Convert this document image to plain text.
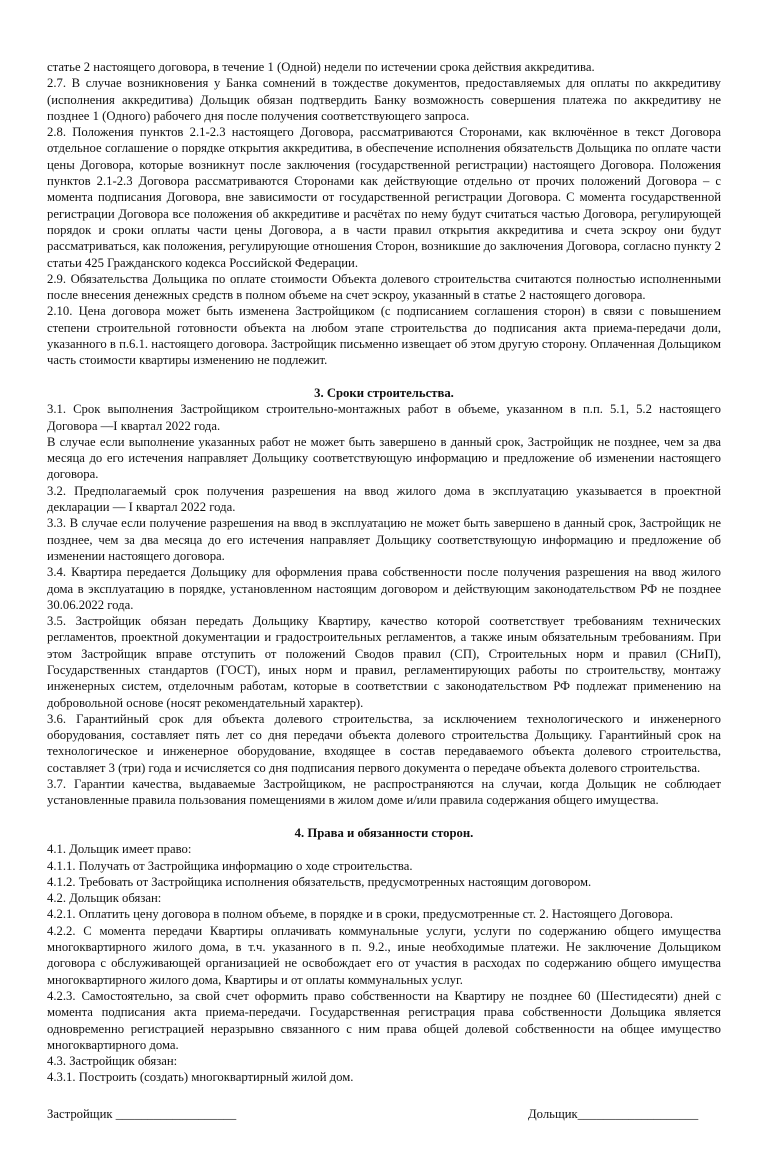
статье 2 настоящего договора, в течение 1 (Одной) недели по истечении срока действия аккредитива.

2.7. В случае возникновения у Банка сомнений в тождестве документов, предоставляемых для оплаты по аккредитиву (исполнения аккредитива) Дольщик обязан подтвердить Банку возможность совершения платежа по аккредитиву не позднее 1 (Одного) рабочего дня после получения соответствующего запроса.

2.8. Положения пунктов 2.1-2.3 настоящего Договора, рассматриваются Сторонами, как включённое в текст Договора отдельное соглашение о порядке открытия аккредитива, в обеспечение исполнения обязательств Дольщика по оплате части цены Договора, которые возникнут после заключения (государственной регистрации) настоящего Договора. Положения пунктов 2.1-2.3 Договора рассматриваются Сторонами как действующие отдельно от прочих положений Договора – с момента подписания Договора, вне зависимости от государственной регистрации Договора. С момента государственной регистрации Договора все положения об аккредитиве и расчётах по нему будут считаться частью Договора, регулирующей порядок и сроки оплаты части цены Договора, а в части правил открытия аккредитива и счета эскроу они будут рассматриваться, как положения, регулирующие отношения Сторон, возникшие до заключения Договора, согласно пункту 2 статьи 425 Гражданского кодекса Российской Федерации.

2.9. Обязательства Дольщика по оплате стоимости Объекта долевого строительства считаются полностью исполненными после внесения денежных средств в полном объеме на счет эскроу, указанный в статье 2 настоящего договора.

2.10. Цена договора может быть изменена Застройщиком (с подписанием соглашения сторон) в связи с повышением степени строительной готовности объекта на любом этапе строительства до подписания акта приема-передачи доли, указанного в п.6.1. настоящего договора. Застройщик письменно извещает об этом другую сторону. Оплаченная Дольщиком часть стоимости квартиры изменению не подлежит.

3. Сроки строительства.

3.1. Срок выполнения Застройщиком строительно-монтажных работ в объеме, указанном в п.п. 5.1, 5.2 настоящего Договора —I квартал 2022 года.

В случае если выполнение указанных работ не может быть завершено в данный срок, Застройщик не позднее, чем за два месяца до его истечения направляет Дольщику соответствующую информацию и предложение об изменении настоящего договора.

3.2. Предполагаемый срок получения разрешения на ввод жилого дома в эксплуатацию указывается в проектной декларации — I квартал 2022 года.

3.3. В случае если получение разрешения на ввод в эксплуатацию не может быть завершено в данный срок, Застройщик не позднее, чем за два месяца до его истечения направляет Дольщику соответствующую информацию и предложение об изменении настоящего договора.

3.4. Квартира передается Дольщику для оформления права собственности после получения разрешения на ввод жилого дома в эксплуатацию в порядке, установленном настоящим договором и действующим законодательством РФ не позднее 30.06.2022 года.

3.5. Застройщик обязан передать Дольщику Квартиру, качество которой соответствует требованиям технических регламентов, проектной документации и градостроительных регламентов, а также иным обязательным требованиям. При этом Застройщик вправе отступить от положений Сводов правил (СП), Строительных норм и правил (СНиП), Государственных стандартов (ГОСТ), иных норм и правил, регламентирующих работы по строительству, монтажу инженерных систем, отделочным работам, которые в соответствии с законодательством РФ подлежат применению на добровольной основе (носят рекомендательный характер).

3.6. Гарантийный срок для объекта долевого строительства, за исключением технологического и инженерного оборудования, составляет пять лет со дня передачи объекта долевого строительства Дольщику. Гарантийный срок на технологическое и инженерное оборудование, входящее в состав передаваемого объекта долевого строительства, составляет 3 (три) года и исчисляется со дня подписания первого документа о передаче объекта долевого строительства.

3.7. Гарантии качества, выдаваемые Застройщиком, не распространяются на случаи, когда Дольщик не соблюдает установленные правила пользования помещениями в жилом доме и/или правила содержания общего имущества.

4. Права и обязанности сторон.

4.1. Дольщик имеет право:

4.1.1. Получать от Застройщика информацию о ходе строительства.

4.1.2. Требовать от Застройщика исполнения обязательств, предусмотренных настоящим договором.

4.2. Дольщик обязан:

4.2.1. Оплатить цену договора в полном объеме, в порядке и в сроки, предусмотренные ст. 2. Настоящего Договора.

4.2.2. С момента передачи Квартиры оплачивать коммунальные услуги, услуги по содержанию общего имущества многоквартирного жилого дома, в т.ч. указанного в п. 9.2., иные необходимые платежи. Не заключение Дольщиком договора с обслуживающей организацией не освобождает его от участия в расходах по содержанию общего имущества многоквартирного жилого дома, Квартиры и от оплаты коммунальных услуг.

4.2.3. Самостоятельно, за свой счет оформить право собственности на Квартиру не позднее 60 (Шестидесяти) дней с момента подписания акта приема-передачи. Государственная регистрация права собственности Дольщика является одновременно регистрацией неразрывно связанного с ним права общей долевой собственности на общее имущество многоквартирного дома.

4.3. Застройщик обязан:

4.3.1. Построить (создать) многоквартирный жилой дом.

Застройщик ___________________	Дольщик___________________
